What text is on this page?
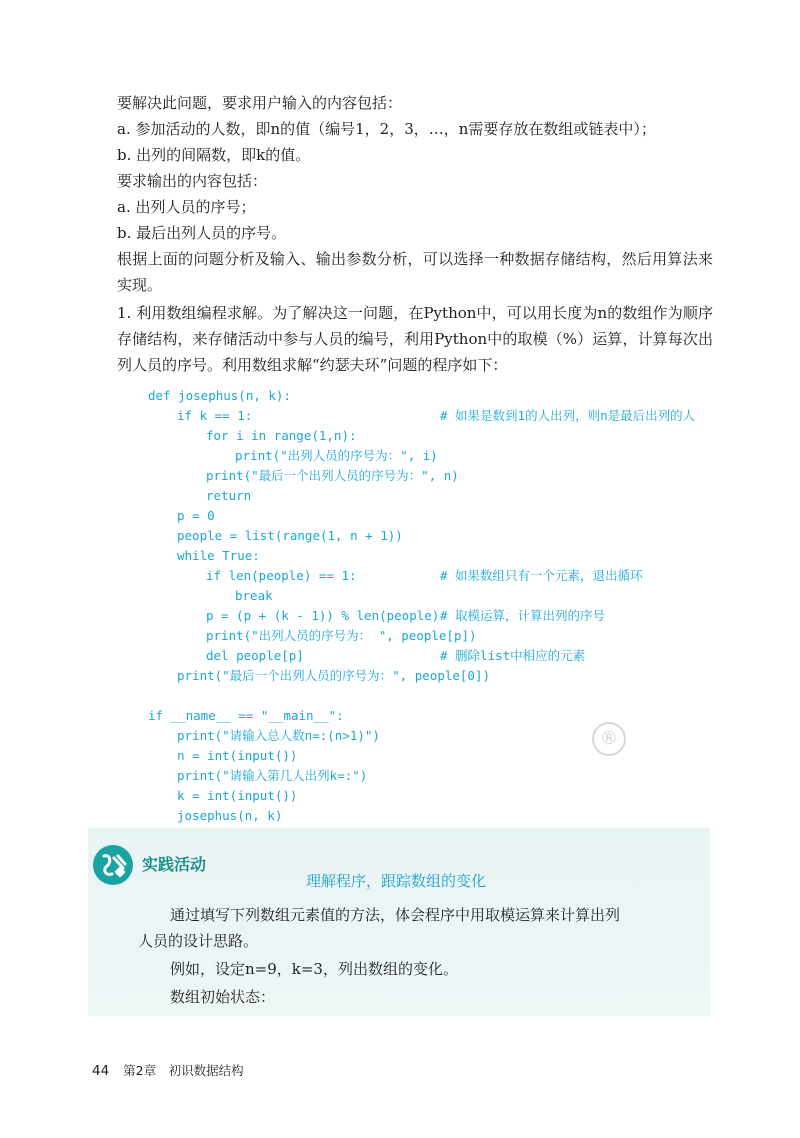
要解决此问题，要求用户输入的内容包括：

a. 参加活动的人数，即n的值（编号1，2，3，…，n需要存放在数组或链表中）；

b. 出列的间隔数，即k的值。

要求输出的内容包括：

a. 出列人员的序号；

b. 最后出列人员的序号。

根据上面的问题分析及输入、输出参数分析，可以选择一种数据存储结构，然后用算法来实现。

1. 利用数组编程求解。为了解决这一问题，在Python中，可以用长度为n的数组作为顺序存储结构，来存储活动中参与人员的编号，利用Python中的取模（%）运算，计算每次出列人员的序号。利用数组求解“约瑟夫环”问题的程序如下：

def josephus(n, k):
if k == 1:	# 如果是数到1的人出列，则n是最后出列的人
for i in range(1,n):
print("出列人员的序号为：", i)
print("最后一个出列人员的序号为：", n)
return
p = 0
people = list(range(1, n + 1))
while True:
if len(people) == 1:	# 如果数组只有一个元素，退出循环
break
p = (p + (k - 1)) % len(people) # 取模运算，计算出列的序号
print("出列人员的序号为： ", people[p])
del people[p]	# 删除list中相应的元素
print("最后一个出列人员的序号为：", people[0])
if __name__ == "__main__":
print("请输入总人数n=:(n>1)")
n = int(input())
print("请输入第几人出列k=:")
k = int(input())
josephus(n, k)
®
实践活动
理解程序，跟踪数组的变化
通过填写下列数组元素值的方法，体会程序中用取模运算来计算出列
人员的设计思路。
例如，设定n=9，k=3，列出数组的变化。
数组初始状态：
44 第2章　初识数据结构
